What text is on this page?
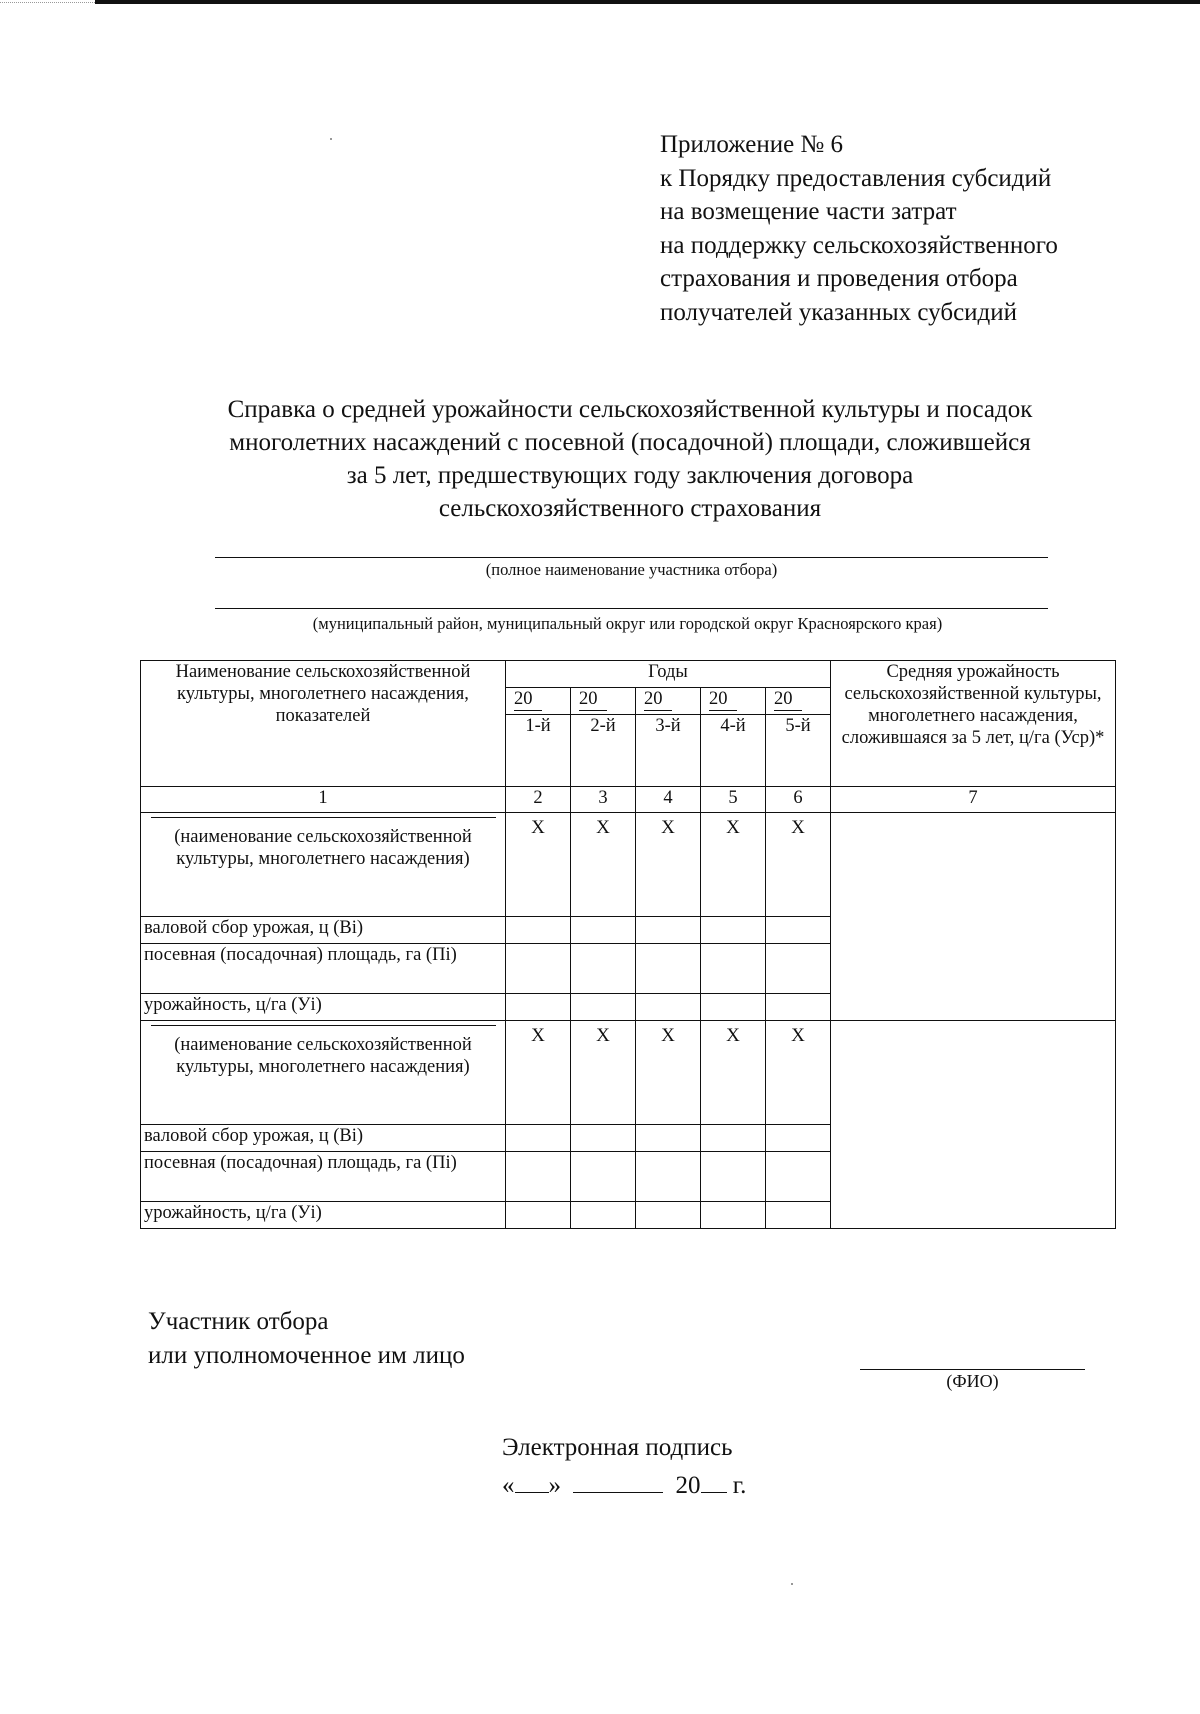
Приложение № 6
к Порядку предоставления субсидий
на возмещение части затрат
на поддержку сельскохозяйственного
страхования и проведения отбора
получателей указанных субсидий
Справка о средней урожайности сельскохозяйственной культуры и посадок
многолетних насаждений с посевной (посадочной) площади, сложившейся
за 5 лет, предшествующих году заключения договора
сельскохозяйственного страхования
(полное наименование участника отбора)
(муниципальный район, муниципальный округ или городской округ Красноярского края)
Наименование сельскохозяйственной культуры, многолетнего насаждения, показателей	Годы					Средняя урожайность сельскохозяйственной культуры, многолетнего насаждения, сложившаяся за 5 лет, ц/га (Уср)*
	20	20	20	20	20	
	1-й	2-й	3-й	4-й	5-й	
1	2	3	4	5	6	7

(наименование сельскохозяйственной культуры, многолетнего насаждения)	X	X	X	X	X	
валовой сбор урожая, ц (Bi)						
посевная (посадочная) площадь, га (Пi)						
урожайность, ц/га (Уi)						

(наименование сельскохозяйственной культуры, многолетнего насаждения)	X	X	X	X	X	
валовой сбор урожая, ц (Bi)						
посевная (посадочная) площадь, га (Пi)						
урожайность, ц/га (Уi)						
Участник отбора
или уполномоченное им лицо
(ФИО)
Электронная подпись
« »	20 г.
